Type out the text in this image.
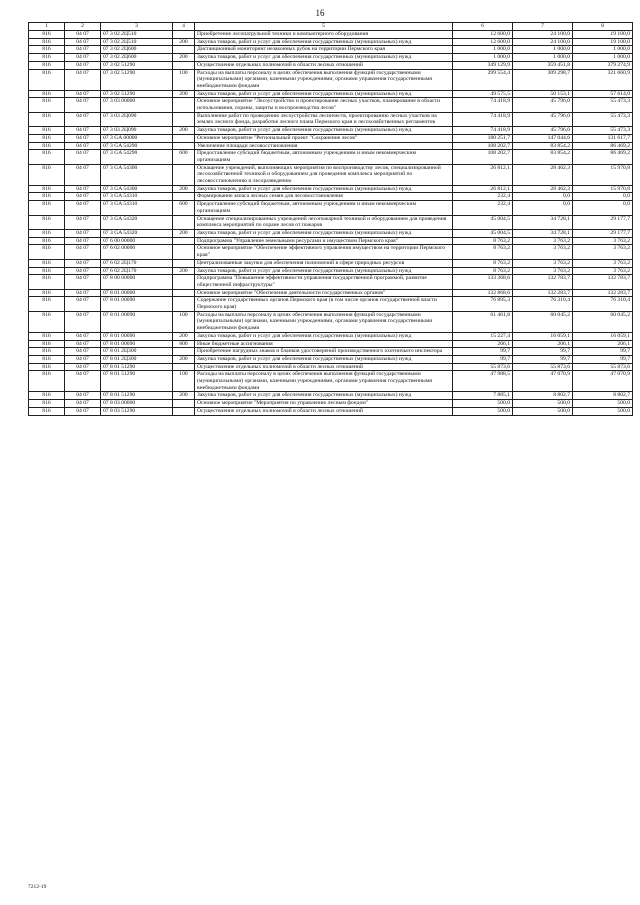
16
1	2	3	4	5	6	7	8
816	04 07	07 3 02 2Ц510		Приобретение лесопатрульной техники и компьютерного оборудования	12 600,0	24 100,0	19 100,0
816	04 07	07 3 02 2Ц510	200	Закупка товаров, работ и услуг для обеспечения государственных (муниципальных) нужд	12 600,0	24 100,0	19 100,0
816	04 07	07 3 02 2Ц600		Дистанционный мониторинг незаконных рубок на территории Пермского края	1 000,0	1 000,0	1 000,0
816	04 07	07 3 02 2Ц600	200	Закупка товаров, работ и услуг для обеспечения государственных (муниципальных) нужд	1 000,0	1 000,0	1 000,0
816	04 07	07 3 02 51290		Осуществление отдельных полномочий в области лесных отношений	349 129,9	359 451,8	379 274,9
816	04 07	07 3 02 51290	100	Расходы на выплаты персоналу в целях обеспечения выполнения функций государственными (муниципальными) органами, казенными учреждениями, органами управления государственными внебюджетными фондами	299 554,4	309 298,7	321 660,9
816	04 07	07 3 02 51290	200	Закупка товаров, работ и услуг для обеспечения государственных (муниципальных) нужд	49 575,5	50 153,1	57 614,0
816	04 07	07 3 03 00000		Основное мероприятие "Лесоустройство и проектирование лесных участков, планирование в области использования, охраны, защиты и воспроизводства лесов"	74 418,9	45 796,0	55 473,3
816	04 07	07 3 03 2Ц090		Выполнение работ по проведению лесоустройства лесничеств, проектированию лесных участков на землях лесного фонда, разработке лесного плана Пермского края и лесохозяйственных регламентов	74 418,9	45 796,0	55 473,3
816	04 07	07 3 03 2Ц090	200	Закупка товаров, работ и услуг для обеспечения государственных (муниципальных) нужд	74 418,9	45 796,0	55 473,3
816	04 07	07 3 GA 00000		Основное мероприятие "Региональный проект "Сохранение лесов"	180 251,7	147 044,6	131 617,7
816	04 07	07 3 GA 54290		Увеличение площади лесовосстановления	108 202,7	83 854,2	86 469,2
816	04 07	07 3 GA 54290	600	Предоставление субсидий бюджетным, автономным учреждениям и иным некоммерческим организациям	108 202,7	83 854,2	86 469,2
816	04 07	07 3 GA 54300		Оснащение учреждений, выполняющих мероприятия по воспроизводству лесов, специализированной лесохозяйственной техникой и оборудованием для проведения комплекса мероприятий по лесовосстановлению и лесоразведению	26 812,1	28 462,3	15 970,8
816	04 07	07 3 GA 54300	200	Закупка товаров, работ и услуг для обеспечения государственных (муниципальных) нужд	26 812,1	28 462,3	15 970,8
816	04 07	07 3 GA 54310		Формирование запаса лесных семян для лесовосстановления	232,4	0,0	0,0
816	04 07	07 3 GA 54310	600	Предоставление субсидий бюджетным, автономным учреждениям и иным некоммерческим организациям	232,4	0,0	0,0
816	04 07	07 3 GA 54320		Оснащение специализированных учреждений лесопожарной техникой и оборудованием для проведения комплекса мероприятий по охране лесов от пожаров	45 004,5	34 728,1	29 177,7
816	04 07	07 3 GA 54320	200	Закупка товаров, работ и услуг для обеспечения государственных (муниципальных) нужд	45 004,5	34 728,1	29 177,7
816	04 07	07 6 00 00000		Подпрограмма "Управление земельными ресурсами и имуществом Пермского края"	8 763,2	3 763,2	3 763,2
816	04 07	07 6 02 00000		Основное мероприятие "Обеспечение эффективного управления имуществом на территории Пермского края"	8 763,2	3 763,2	3 763,2
816	04 07	07 6 02 2Ц170		Централизованные закупки для обеспечения полномочий в сфере природных ресурсов	8 763,2	3 763,2	3 763,2
816	04 07	07 6 02 2Ц170	200	Закупка товаров, работ и услуг для обеспечения государственных (муниципальных) нужд	8 763,2	3 763,2	3 763,2
816	04 07	07 8 00 00000		Подпрограмма "Повышение эффективности управления государственной программой, развитие общественной инфраструктуры"	133 368,6	132 783,7	132 783,7
816	04 07	07 8 01 00000		Основное мероприятие "Обеспечение деятельности государственных органов"	132 868,6	132 283,7	132 283,7
816	04 07	07 8 01 00090		Содержание государственных органов Пермского края (в том числе органов государственной власти Пермского края)	76 895,3	76 310,4	76 310,4
816	04 07	07 8 01 00090	100	Расходы на выплаты персоналу в целях обеспечения выполнения функций государственными (муниципальными) органами, казенными учреждениями, органами управления государственными внебюджетными фондами	61 461,8	60 045,2	60 045,2
816	04 07	07 8 01 00090	200	Закупка товаров, работ и услуг для обеспечения государственных (муниципальных) нужд	15 227,4	16 059,1	16 059,1
816	04 07	07 8 01 00090	800	Иные бюджетные ассигнования	206,1	206,1	206,1
816	04 07	07 8 01 2Ц300		Приобретение нагрудных знаков и бланков удостоверений производственного охотничьего инспектора	99,7	99,7	99,7
816	04 07	07 8 01 2Ц300	200	Закупка товаров, работ и услуг для обеспечения государственных (муниципальных) нужд	99,7	99,7	99,7
816	04 07	07 8 01 51290		Осуществление отдельных полномочий в области лесных отношений	55 873,6	55 873,6	55 873,6
816	04 07	07 8 01 51290	100	Расходы на выплаты персоналу в целях обеспечения выполнения функций государственными (муниципальными) органами, казенными учреждениями, органами управления государственными внебюджетными фондами	47 988,5	47 070,9	47 070,9
816	04 07	07 8 01 51290	200	Закупка товаров, работ и услуг для обеспечения государственных (муниципальных) нужд	7 885,1	8 802,7	8 802,7
816	04 07	07 8 03 00000		Основное мероприятие "Мероприятия по управлению лесным фондом"	500,0	500,0	500,0
816	04 07	07 8 03 51290		Осуществление отдельных полномочий в области лесных отношений	500,0	500,0	500,0
7212-19
